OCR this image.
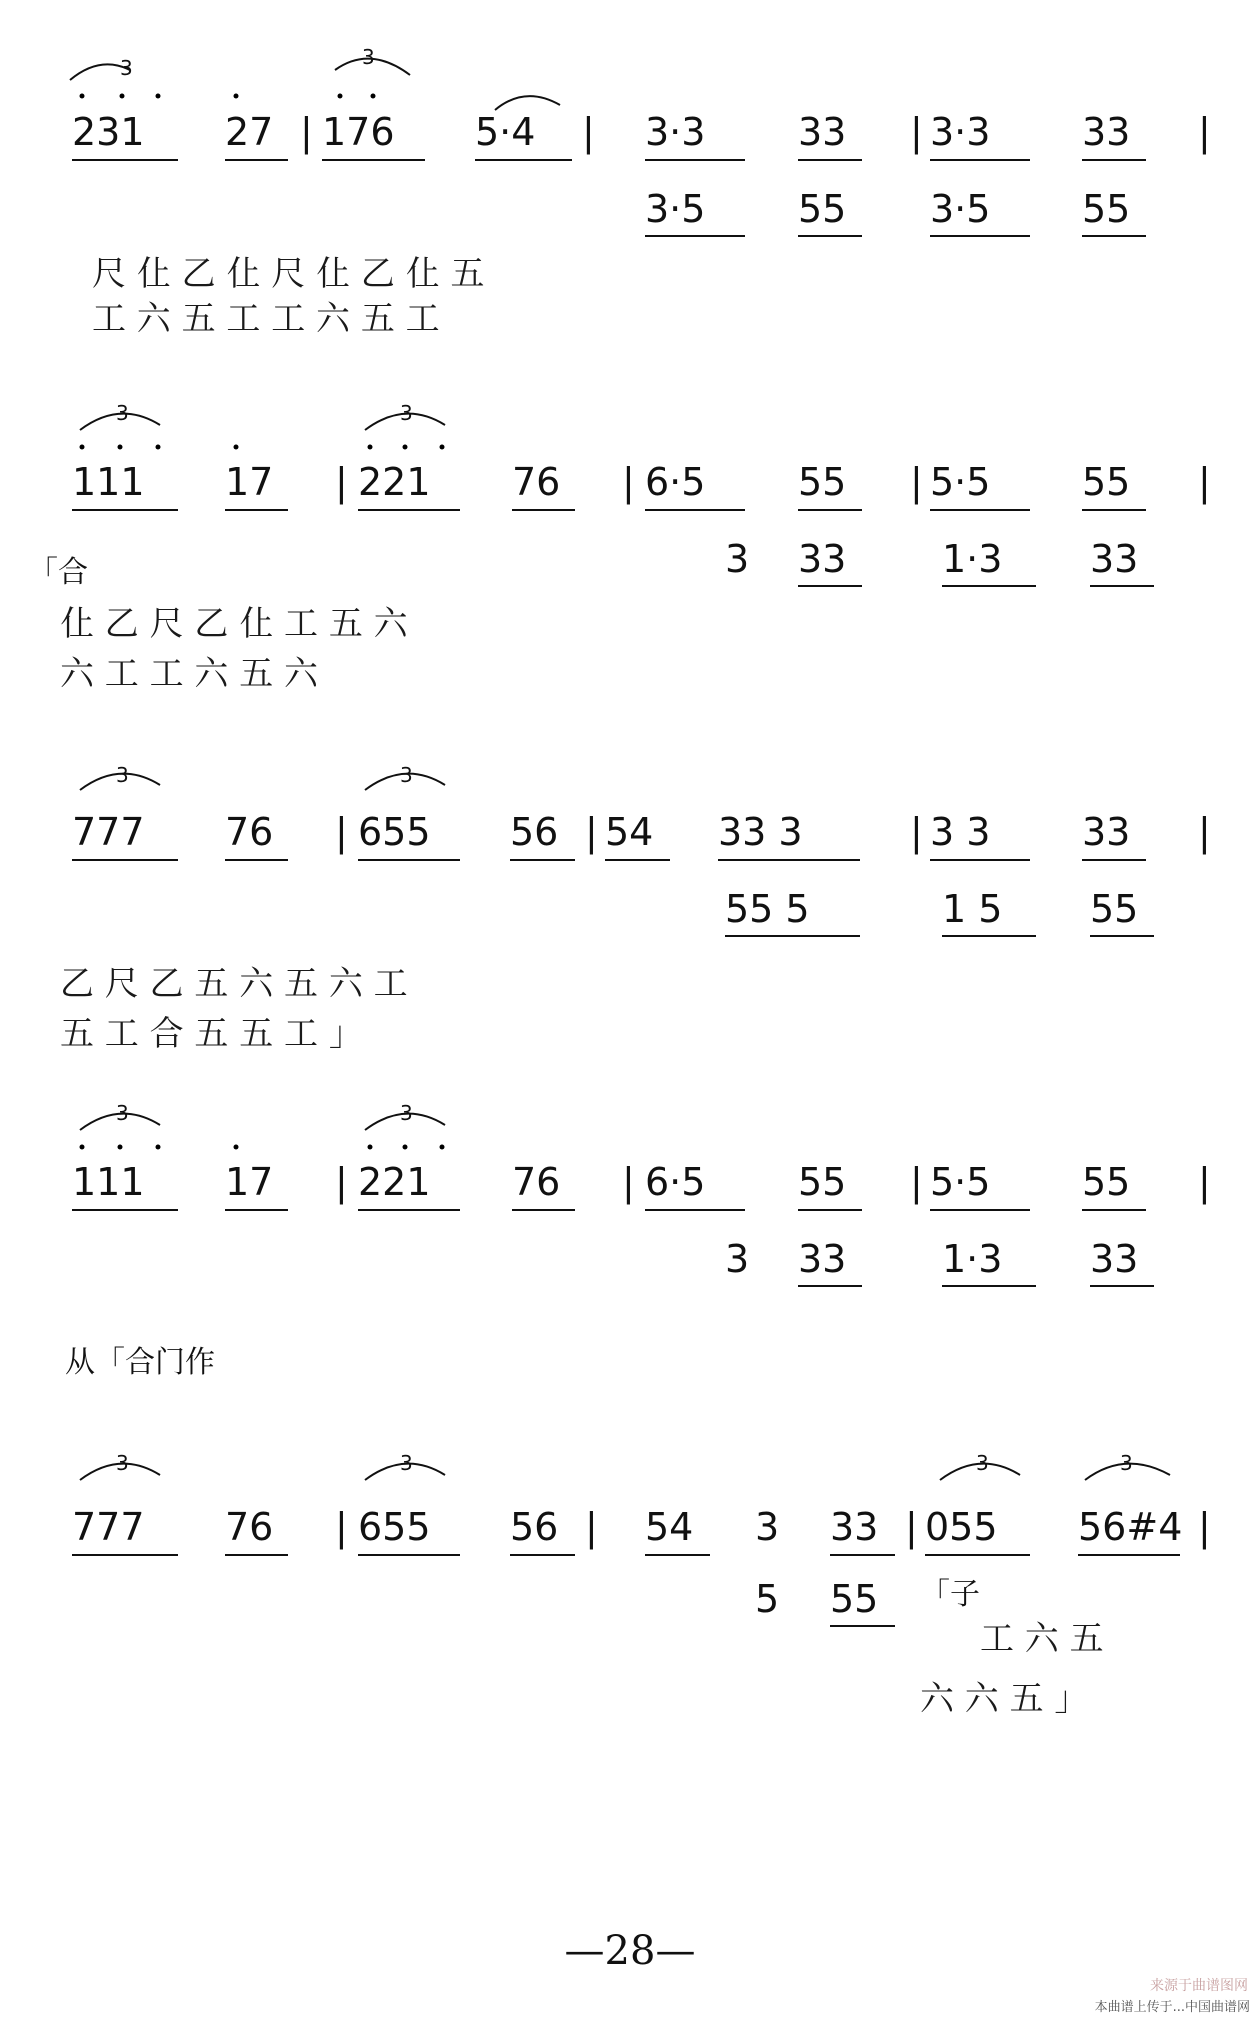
3	3
231 27 | 176 5·4 | 3·3 33 | 3·3 33 |
3·5 55 3·5 55
尺 仩 乙 仩 尺 仩 乙 仩 五
工 六 五 工 工 六 五 工
3	3
111 17 | 221 76 | 6·5 55 | 5·5 55 |
「合	3 33	1·3 33
仩 乙 尺 乙 仩 工 五 六
六 工 工 六 五 六
3	3
777 76 | 655 56 | 54 33 3	| 3 3 33 |
55 5	1 5 55
乙 尺 乙 五 六 五 六 工
五 工 合 五 五 工 」
3	3
111 17 | 221 76 | 6·5 55 | 5·5 55 |
3 33	1·3 33
从「合门作
3	3	3	3
777 76 | 655 56 | 54 3 33 | 055 56#4 |
5 55 「子
工 六 五
六 六 五 」
—28—
来源于曲谱图网
本曲谱上传于...中国曲谱网
